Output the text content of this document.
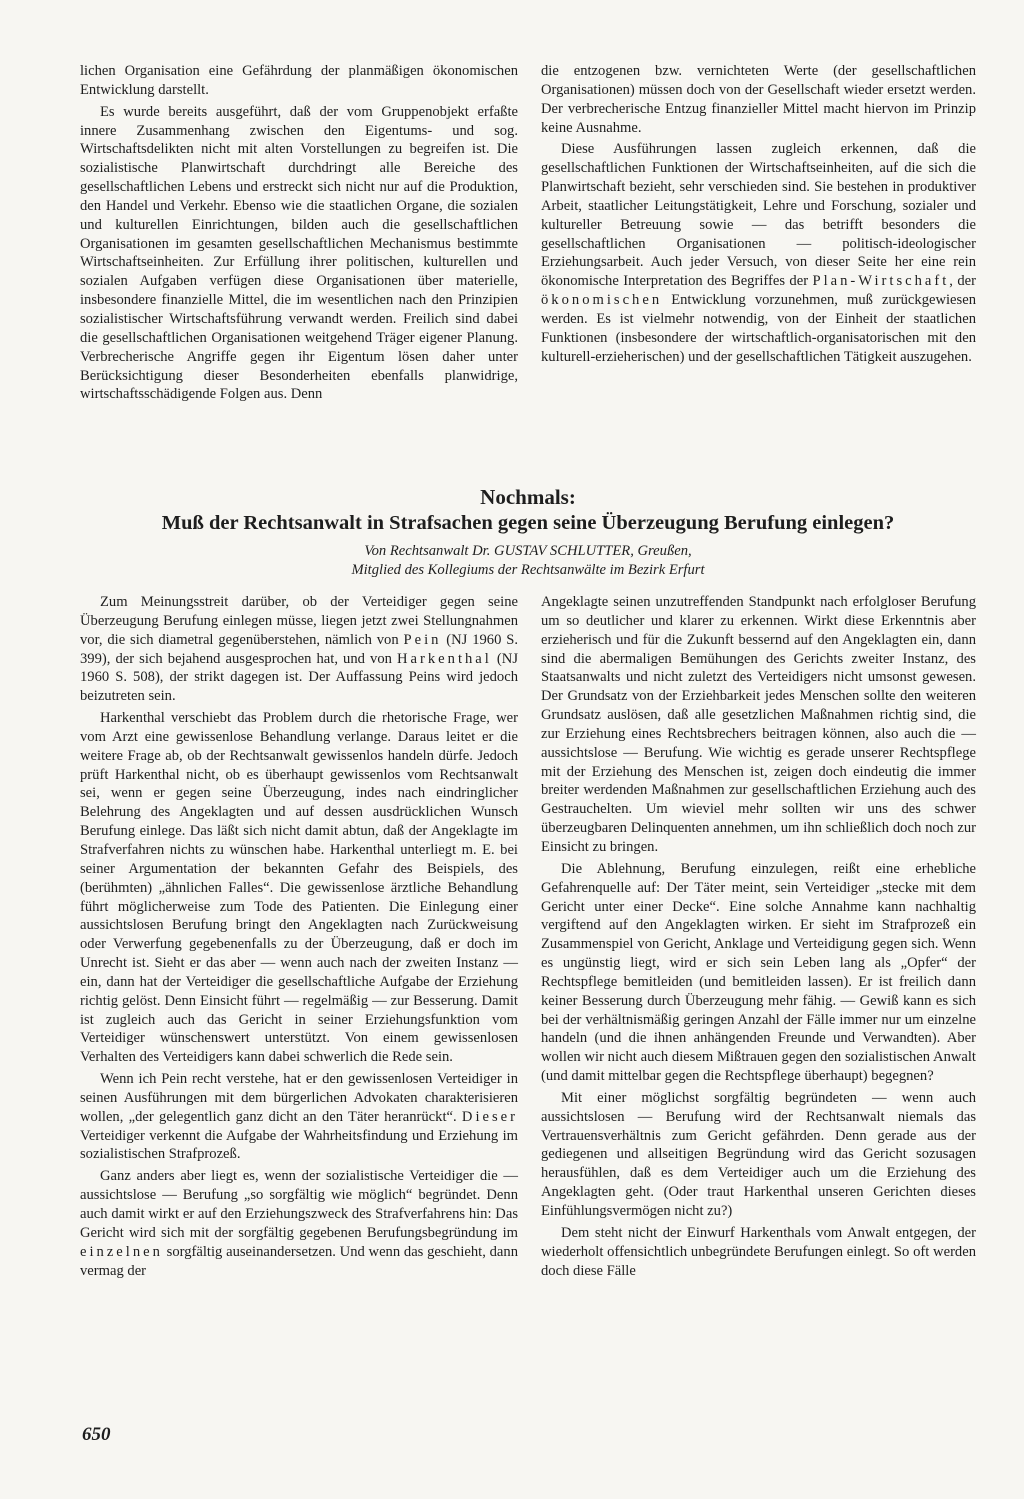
lichen Organisation eine Gefährdung der planmäßigen ökonomischen Entwicklung darstellt.

Es wurde bereits ausgeführt, daß der vom Gruppenobjekt erfaßte innere Zusammenhang zwischen den Eigentums- und sog. Wirtschaftsdelikten nicht mit alten Vorstellungen zu begreifen ist. Die sozialistische Planwirtschaft durchdringt alle Bereiche des gesellschaftlichen Lebens und erstreckt sich nicht nur auf die Produktion, den Handel und Verkehr. Ebenso wie die staatlichen Organe, die sozialen und kulturellen Einrichtungen, bilden auch die gesellschaftlichen Organisationen im gesamten gesellschaftlichen Mechanismus bestimmte Wirtschaftseinheiten. Zur Erfüllung ihrer politischen, kulturellen und sozialen Aufgaben verfügen diese Organisationen über materielle, insbesondere finanzielle Mittel, die im wesentlichen nach den Prinzipien sozialistischer Wirtschaftsführung verwandt werden. Freilich sind dabei die gesellschaftlichen Organisationen weitgehend Träger eigener Planung. Verbrecherische Angriffe gegen ihr Eigentum lösen daher unter Berücksichtigung dieser Besonderheiten ebenfalls planwidrige, wirtschaftsschädigende Folgen aus. Denn

die entzogenen bzw. vernichteten Werte (der gesellschaftlichen Organisationen) müssen doch von der Gesellschaft wieder ersetzt werden. Der verbrecherische Entzug finanzieller Mittel macht hiervon im Prinzip keine Ausnahme.

Diese Ausführungen lassen zugleich erkennen, daß die gesellschaftlichen Funktionen der Wirtschaftseinheiten, auf die sich die Planwirtschaft bezieht, sehr verschieden sind. Sie bestehen in produktiver Arbeit, staatlicher Leitungstätigkeit, Lehre und Forschung, sozialer und kultureller Betreuung sowie — das betrifft besonders die gesellschaftlichen Organisationen — politisch-ideologischer Erziehungsarbeit. Auch jeder Versuch, von dieser Seite her eine rein ökonomische Interpretation des Begriffes der Plan-Wirtschaft, der ökonomischen Entwicklung vorzunehmen, muß zurückgewiesen werden. Es ist vielmehr notwendig, von der Einheit der staatlichen Funktionen (insbesondere der wirtschaftlich-organisatorischen mit den kulturell-erzieherischen) und der gesellschaftlichen Tätigkeit auszugehen.

Nochmals:
Muß der Rechtsanwalt in Strafsachen gegen seine Überzeugung Berufung einlegen?
Von Rechtsanwalt Dr. GUSTAV SCHLUTTER, Greußen,
Mitglied des Kollegiums der Rechtsanwälte im Bezirk Erfurt

Zum Meinungsstreit darüber, ob der Verteidiger gegen seine Überzeugung Berufung einlegen müsse, liegen jetzt zwei Stellungnahmen vor, die sich diametral gegenüberstehen, nämlich von Pein (NJ 1960 S. 399), der sich bejahend ausgesprochen hat, und von Harkenthal (NJ 1960 S. 508), der strikt dagegen ist. Der Auffassung Peins wird jedoch beizutreten sein.

Harkenthal verschiebt das Problem durch die rhetorische Frage, wer vom Arzt eine gewissenlose Behandlung verlange. Daraus leitet er die weitere Frage ab, ob der Rechtsanwalt gewissenlos handeln dürfe. Jedoch prüft Harkenthal nicht, ob es überhaupt gewissenlos vom Rechtsanwalt sei, wenn er gegen seine Überzeugung, indes nach eindringlicher Belehrung des Angeklagten und auf dessen ausdrücklichen Wunsch Berufung einlege. Das läßt sich nicht damit abtun, daß der Angeklagte im Strafverfahren nichts zu wünschen habe. Harkenthal unterliegt m. E. bei seiner Argumentation der bekannten Gefahr des Beispiels, des (berühmten) „ähnlichen Falles“. Die gewissenlose ärztliche Behandlung führt möglicherweise zum Tode des Patienten. Die Einlegung einer aussichtslosen Berufung bringt den Angeklagten nach Zurückweisung oder Verwerfung gegebenenfalls zu der Überzeugung, daß er doch im Unrecht ist. Sieht er das aber — wenn auch nach der zweiten Instanz — ein, dann hat der Verteidiger die gesellschaftliche Aufgabe der Erziehung richtig gelöst. Denn Einsicht führt — regelmäßig — zur Besserung. Damit ist zugleich auch das Gericht in seiner Erziehungsfunktion vom Verteidiger wünschenswert unterstützt. Von einem gewissenlosen Verhalten des Verteidigers kann dabei schwerlich die Rede sein.

Wenn ich Pein recht verstehe, hat er den gewissenlosen Verteidiger in seinen Ausführungen mit dem bürgerlichen Advokaten charakterisieren wollen, „der gelegentlich ganz dicht an den Täter heranrückt“. Dieser Verteidiger verkennt die Aufgabe der Wahrheitsfindung und Erziehung im sozialistischen Strafprozeß.

Ganz anders aber liegt es, wenn der sozialistische Verteidiger die — aussichtslose — Berufung „so sorgfältig wie möglich“ begründet. Denn auch damit wirkt er auf den Erziehungszweck des Strafverfahrens hin: Das Gericht wird sich mit der sorgfältig gegebenen Berufungsbegründung im einzelnen sorgfältig auseinandersetzen. Und wenn das geschieht, dann vermag der

Angeklagte seinen unzutreffenden Standpunkt nach erfolgloser Berufung um so deutlicher und klarer zu erkennen. Wirkt diese Erkenntnis aber erzieherisch und für die Zukunft bessernd auf den Angeklagten ein, dann sind die abermaligen Bemühungen des Gerichts zweiter Instanz, des Staatsanwalts und nicht zuletzt des Verteidigers nicht umsonst gewesen. Der Grundsatz von der Erziehbarkeit jedes Menschen sollte den weiteren Grundsatz auslösen, daß alle gesetzlichen Maßnahmen richtig sind, die zur Erziehung eines Rechtsbrechers beitragen können, also auch die — aussichtslose — Berufung. Wie wichtig es gerade unserer Rechtspflege mit der Erziehung des Menschen ist, zeigen doch eindeutig die immer breiter werdenden Maßnahmen zur gesellschaftlichen Erziehung auch des Gestrauchelten. Um wieviel mehr sollten wir uns des schwer überzeugbaren Delinquenten annehmen, um ihn schließlich doch noch zur Einsicht zu bringen.

Die Ablehnung, Berufung einzulegen, reißt eine erhebliche Gefahrenquelle auf: Der Täter meint, sein Verteidiger „stecke mit dem Gericht unter einer Decke“. Eine solche Annahme kann nachhaltig vergiftend auf den Angeklagten wirken. Er sieht im Strafprozeß ein Zusammenspiel von Gericht, Anklage und Verteidigung gegen sich. Wenn es ungünstig liegt, wird er sich sein Leben lang als „Opfer“ der Rechtspflege bemitleiden (und bemitleiden lassen). Er ist freilich dann keiner Besserung durch Überzeugung mehr fähig. — Gewiß kann es sich bei der verhältnismäßig geringen Anzahl der Fälle immer nur um einzelne handeln (und die ihnen anhängenden Freunde und Verwandten). Aber wollen wir nicht auch diesem Mißtrauen gegen den sozialistischen Anwalt (und damit mittelbar gegen die Rechtspflege überhaupt) begegnen?

Mit einer möglichst sorgfältig begründeten — wenn auch aussichtslosen — Berufung wird der Rechtsanwalt niemals das Vertrauensverhältnis zum Gericht gefährden. Denn gerade aus der gediegenen und allseitigen Begründung wird das Gericht sozusagen herausfühlen, daß es dem Verteidiger auch um die Erziehung des Angeklagten geht. (Oder traut Harkenthal unseren Gerichten dieses Einfühlungsvermögen nicht zu?)

Dem steht nicht der Einwurf Harkenthals vom Anwalt entgegen, der wiederholt offensichtlich unbegründete Berufungen einlegt. So oft werden doch diese Fälle

650
